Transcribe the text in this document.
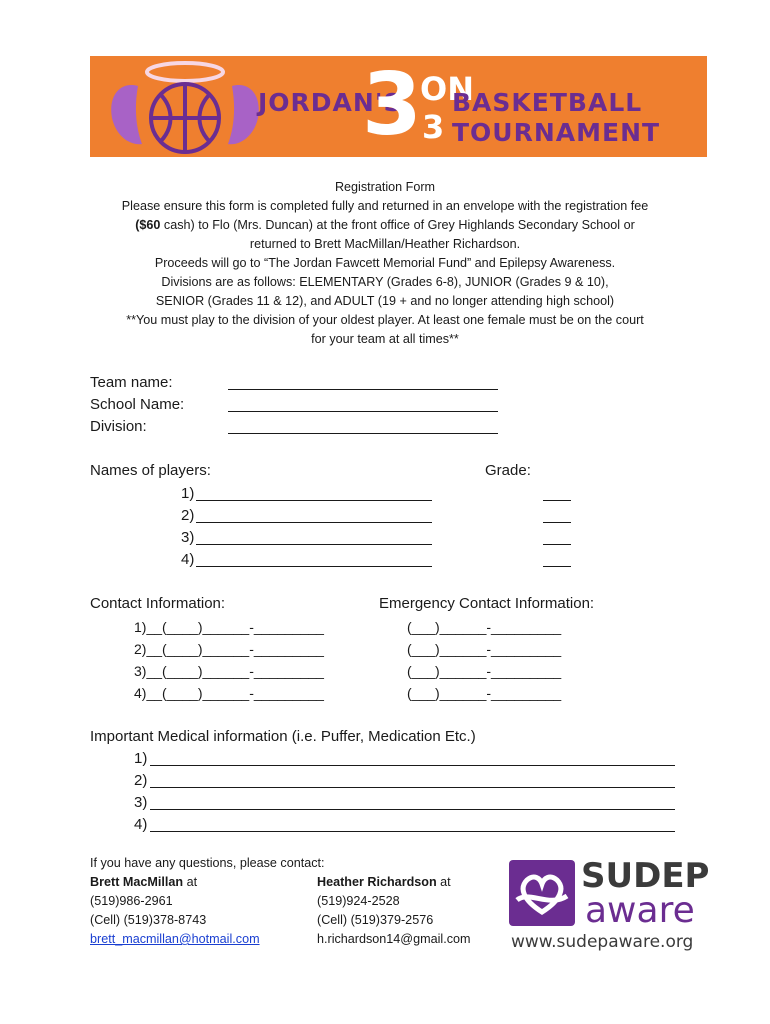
JORDAN'S
3
ON
3
BASKETBALL
TOURNAMENT
Registration Form
Please ensure this form is completed fully and returned in an envelope with the registration fee
($60 cash) to Flo (Mrs. Duncan) at the front office of Grey Highlands Secondary School or
returned to Brett MacMillan/Heather Richardson.
Proceeds will go to “The Jordan Fawcett Memorial Fund” and Epilepsy Awareness.
Divisions are as follows: ELEMENTARY (Grades 6-8), JUNIOR (Grades 9 & 10),
SENIOR (Grades 11 & 12), and ADULT (19 + and no longer attending high school)
**You must play to the division of your oldest player. At least one female must be on the court
for your team at all times**
Team name:
School Name:
Division:
Names of players:	Grade:
1)
2)
3)
4)
Contact Information:	Emergency Contact Information:
1)__(____)______-_________
2)__(____)______-_________
3)__(____)______-_________
4)__(____)______-_________
(___)______-_________
(___)______-_________
(___)______-_________
(___)______-_________
Important Medical information (i.e. Puffer, Medication Etc.)
1)
2)
3)
4)
If you have any questions, please contact:
Brett MacMillan at
(519)986-2961
(Cell) (519)378-8743
brett_macmillan@hotmail.com
Heather Richardson at
(519)924-2528
(Cell) (519)379-2576
h.richardson14@gmail.com
SUDEP
aware
www.sudepaware.org
